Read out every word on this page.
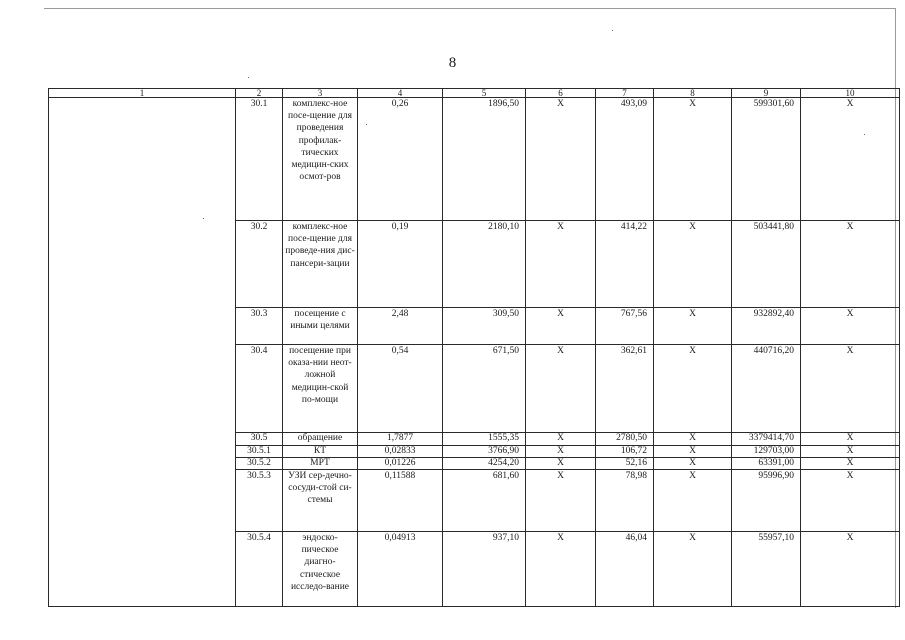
8
1	2	3	4	5	6	7	8	9	10
	30.1	комплекс-ное посе-щение для проведения профилак-тических медицин-ских осмот-ров	0,26	1896,50	X	493,09	X	599301,60	X
	30.2	комплекс-ное посе-щение для проведе-ния дис-пансери-зации	0,19	2180,10	X	414,22	X	503441,80	X
	30.3	посещение с иными целями	2,48	309,50	X	767,56	X	932892,40	X
	30.4	посещение при оказа-нии неот-ложной медицин-ской по-мощи	0,54	671,50	X	362,61	X	440716,20	X
	30.5	обращение	1,7877	1555,35	X	2780,50	X	3379414,70	X
	30.5.1	КТ	0,02833	3766,90	X	106,72	X	129703,00	X
	30.5.2	МРТ	0,01226	4254,20	X	52,16	X	63391,00	X
	30.5.3	УЗИ сер-дечно-сосуди-стой си-стемы	0,11588	681,60	X	78,98	X	95996,90	X
	30.5.4	эндоско-пическое диагно-стическое исследо-вание	0,04913	937,10	X	46,04	X	55957,10	X
